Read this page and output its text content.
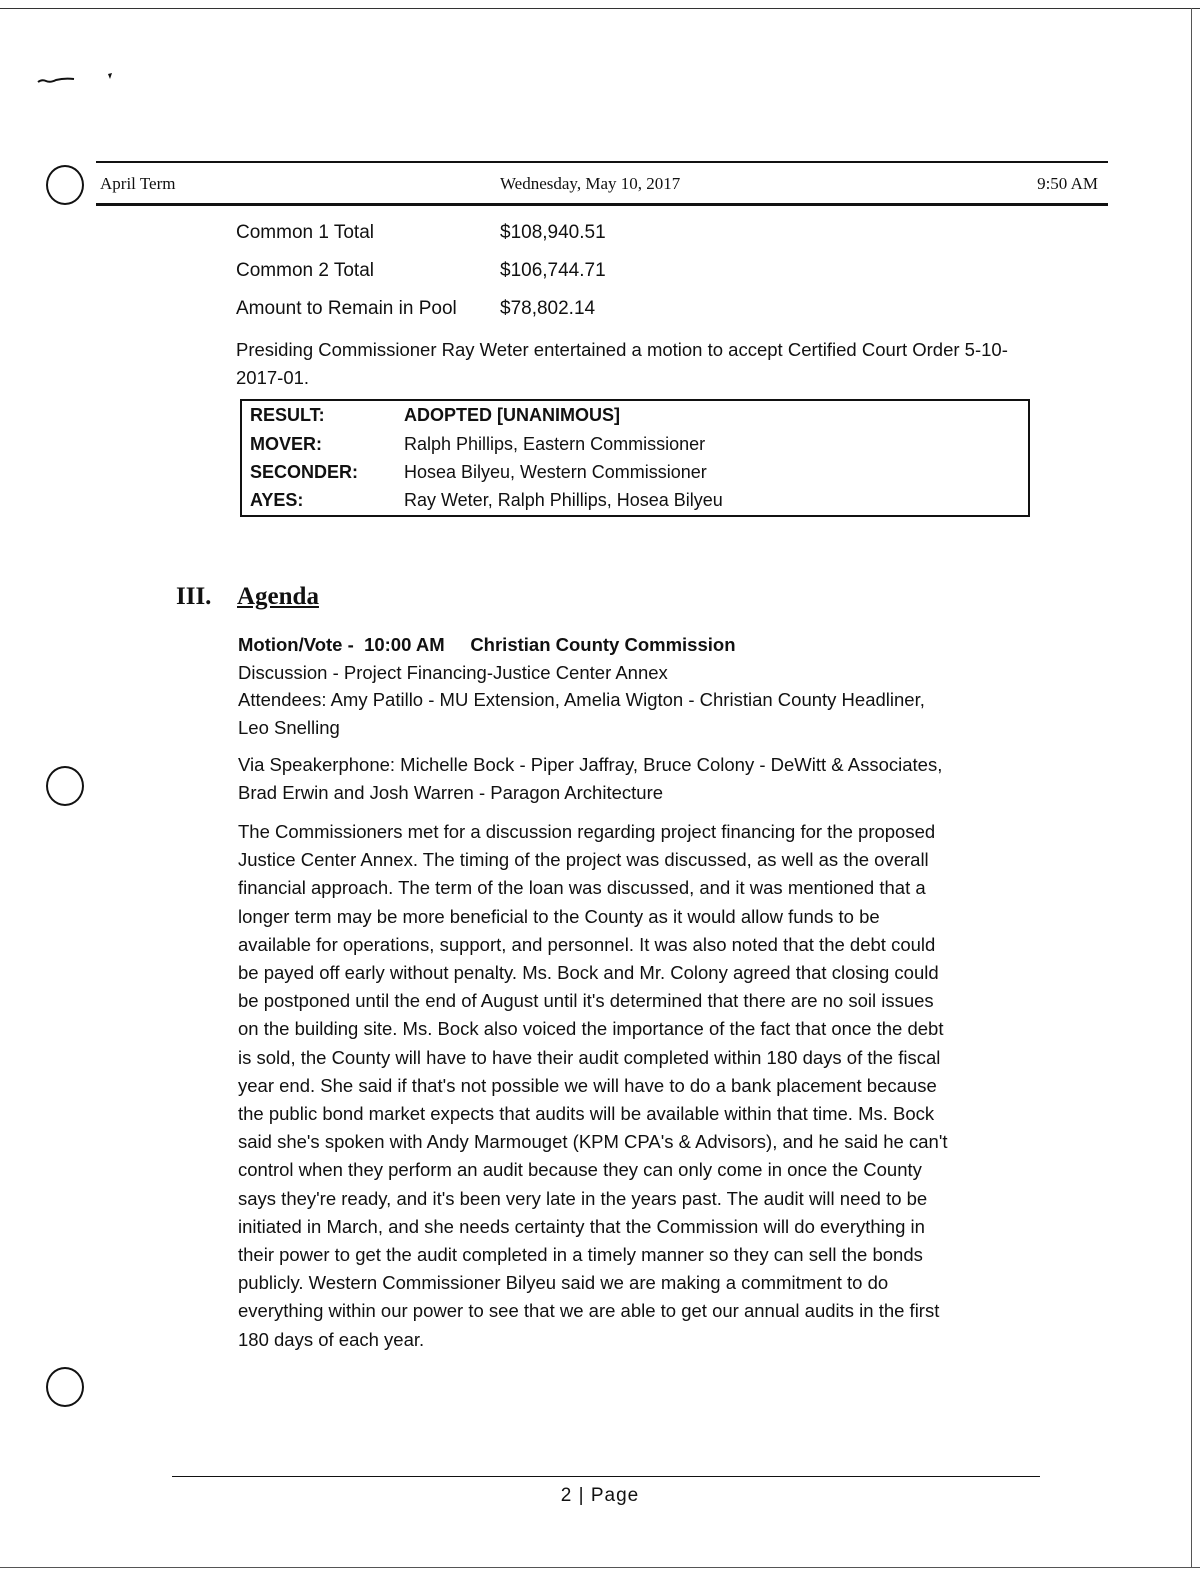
April Term	Wednesday, May 10, 2017	9:50 AM
Common 1 Total	$108,940.51
Common 2 Total	$106,744.71
Amount to Remain in Pool $78,802.14
Presiding Commissioner Ray Weter entertained a motion to accept Certified Court Order 5-10-2017-01.
RESULT:	ADOPTED [UNANIMOUS]
MOVER:	Ralph Phillips, Eastern Commissioner
SECONDER:	Hosea Bilyeu, Western Commissioner
AYES:	Ray Weter, Ralph Phillips, Hosea Bilyeu
III. Agenda
Motion/Vote - 10:00 AM Christian County Commission
Discussion - Project Financing-Justice Center Annex
Attendees: Amy Patillo - MU Extension, Amelia Wigton - Christian County Headliner,
Leo Snelling
Via Speakerphone: Michelle Bock - Piper Jaffray, Bruce Colony - DeWitt & Associates,
Brad Erwin and Josh Warren - Paragon Architecture
The Commissioners met for a discussion regarding project financing for the proposed
Justice Center Annex. The timing of the project was discussed, as well as the overall
financial approach. The term of the loan was discussed, and it was mentioned that a
longer term may be more beneficial to the County as it would allow funds to be
available for operations, support, and personnel. It was also noted that the debt could
be payed off early without penalty. Ms. Bock and Mr. Colony agreed that closing could
be postponed until the end of August until it's determined that there are no soil issues
on the building site. Ms. Bock also voiced the importance of the fact that once the debt
is sold, the County will have to have their audit completed within 180 days of the fiscal
year end. She said if that's not possible we will have to do a bank placement because
the public bond market expects that audits will be available within that time. Ms. Bock
said she's spoken with Andy Marmouget (KPM CPA's & Advisors), and he said he can't
control when they perform an audit because they can only come in once the County
says they're ready, and it's been very late in the years past. The audit will need to be
initiated in March, and she needs certainty that the Commission will do everything in
their power to get the audit completed in a timely manner so they can sell the bonds
publicly. Western Commissioner Bilyeu said we are making a commitment to do
everything within our power to see that we are able to get our annual audits in the first
180 days of each year.
2 | Page
